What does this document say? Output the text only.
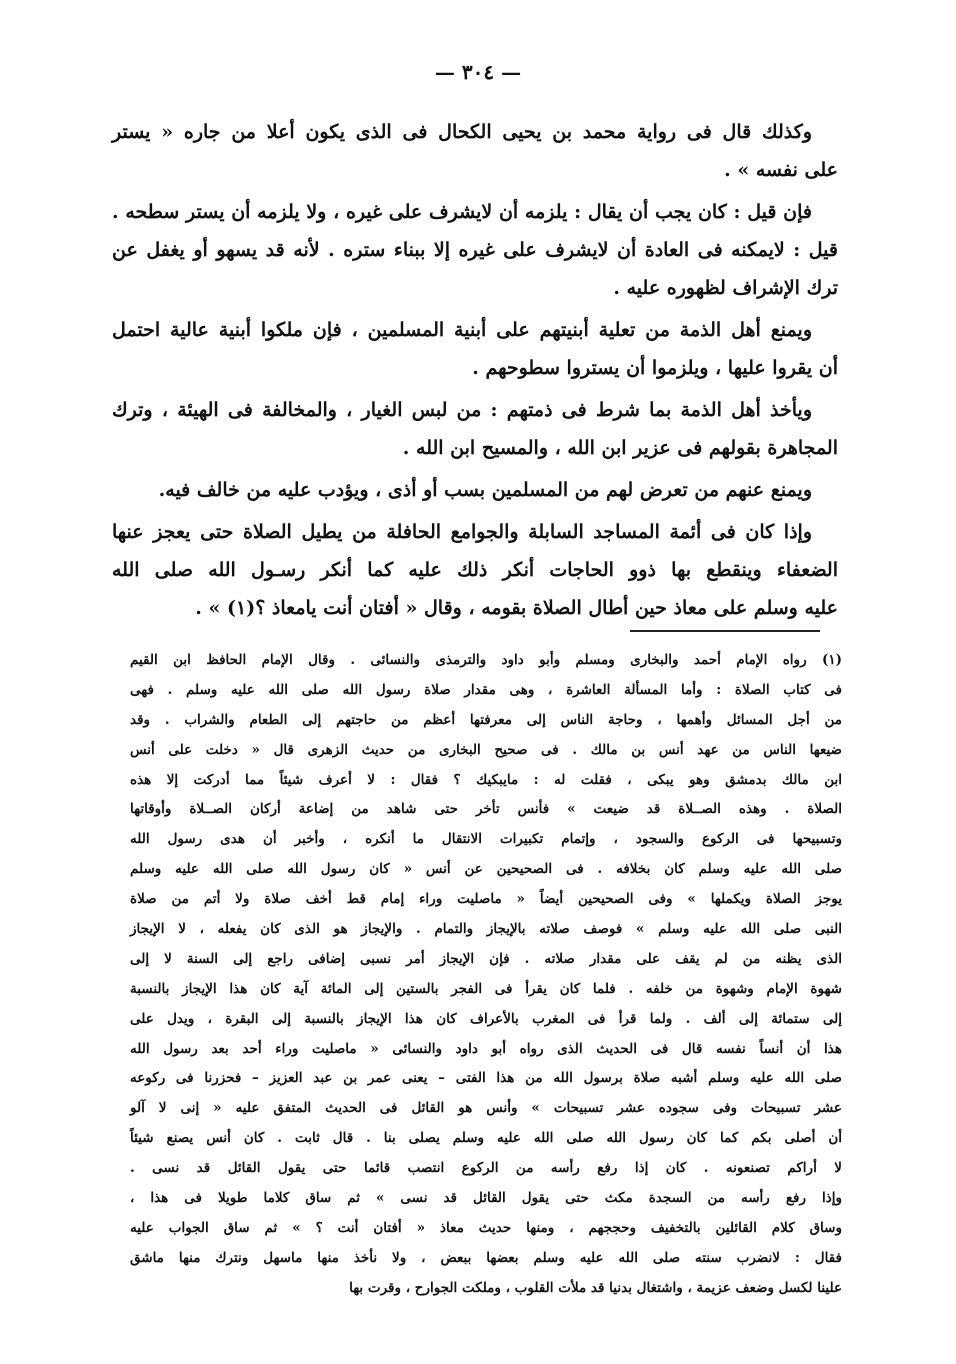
— ٣٠٤ —
وكذلك قال فى رواية محمد بن يحيى الكحال فى الذى يكون أعلا من جاره « يستر
على نفسه » .
فإن قيل : كان يجب أن يقال : يلزمه أن لايشرف على غيره ، ولا يلزمه أن يستر سطحه .
قيل : لايمكنه فى العادة أن لايشرف على غيره إلا ببناء ستره . لأنه قد يسهو أو يغفل عن
ترك الإشراف لظهوره عليه .
ويمنع أهل الذمة من تعلية أبنيتهم على أبنية المسلمين ، فإن ملكوا أبنية عالية احتمل
أن يقروا عليها ، ويلزموا أن يستروا سطوحهم .
ويأخذ أهل الذمة بما شرط فى ذمتهم : من لبس الغيار ، والمخالفة فى الهيئة ، وترك
المجاهرة بقولهم فى عزير ابن الله ، والمسيح ابن الله .
ويمنع عنهم من تعرض لهم من المسلمين بسب أو أذى ، ويؤدب عليه من خالف فيه.
وإذا كان فى أئمة المساجد السابلة والجوامع الحافلة من يطيل الصلاة حتى يعجز عنها
الضعفاء وينقطع بها ذوو الحاجات أنكر ذلك عليه كما أنكر رسـول الله صلى الله
عليه وسلم على معاذ حين أطال الصلاة بقومه ، وقال « أفتان أنت يامعاذ ؟(١) » .
(١) رواه الإمام أحمد والبخارى ومسلم وأبو داود والترمذى والنسائى . وقال الإمام الحافظ ابن القيم
فى كتاب الصلاة : وأما المسألة العاشرة ، وهى مقدار صلاة رسول الله صلى الله عليه وسلم . فهى
من أجل المسائل وأهمها ، وحاجة الناس إلى معرفتها أعظم من حاجتهم إلى الطعام والشراب . وقد
ضيعها الناس من عهد أنس بن مالك . فى صحيح البخارى من حديث الزهرى قال « دخلت على أنس
ابن مالك بدمشق وهو يبكى ، فقلت له : مايبكيك ؟ فقال : لا أعرف شيئاً مما أدركت إلا هذه
الصلاة . وهذه الصــلاة قد ضيعت » فأنس تأخر حتى شاهد من إضاعة أركان الصــلاة وأوقاتها
وتسبيحها فى الركوع والسجود ، وإتمام تكبيرات الانتقال ما أنكره ، وأخبر أن هدى رسول الله
صلى الله عليه وسلم كان بخلافه . فى الصحيحين عن أنس « كان رسول الله صلى الله عليه وسلم
يوجز الصلاة ويكملها » وفى الصحيحين أيضاً « ماصليت وراء إمام قط أخف صلاة ولا أتم من صلاة
النبى صلى الله عليه وسلم » فوصف صلاته بالإيجاز والتمام . والإيجاز هو الذى كان يفعله ، لا الإيجاز
الذى يظنه من لم يقف على مقدار صلاته . فإن الإيجاز أمر نسبى إضافى راجع إلى السنة لا إلى
شهوة الإمام وشهوة من خلفه . فلما كان يقرأ فى الفجر بالستين إلى المائة آية كان هذا الإيجاز بالنسبة
إلى ستمائة إلى ألف . ولما قرأ فى المغرب بالأعراف كان هذا الإيجاز بالنسبة إلى البقرة ، ويدل على
هذا أن أنساً نفسه قال فى الحديث الذى رواه أبو داود والنسائى « ماصليت وراء أحد بعد رسول الله
صلى الله عليه وسلم أشبه صلاة برسول الله من هذا الفتى – يعنى عمر بن عبد العزيز – فحزرنا فى ركوعه
عشر تسبيحات وفى سجوده عشر تسبيحات » وأنس هو القائل فى الحديث المتفق عليه « إنى لا آلو
أن أصلى بكم كما كان رسول الله صلى الله عليه وسلم يصلى بنا . قال ثابت . كان أنس يصنع شيئاً
لا أراكم تصنعونه . كان إذا رفع رأسه من الركوع انتصب قائما حتى يقول القائل قد نسى .
وإذا رفع رأسه من السجدة مكث حتى يقول القائل قد نسى » ثم ساق كلاما طويلا فى هذا ،
وساق كلام القائلين بالتخفيف وحججهم ، ومنها حديث معاذ « أفتان أنت ؟ » ثم ساق الجواب عليه
فقال : لانضرب سنته صلى الله عليه وسلم بعضها ببعض ، ولا نأخذ منها ماسهل ونترك منها ماشق
علينا لكسل وضعف عزيمة ، واشتغال بدنيا قد ملأت القلوب ، وملكت الجوارح ، وقرت بها
